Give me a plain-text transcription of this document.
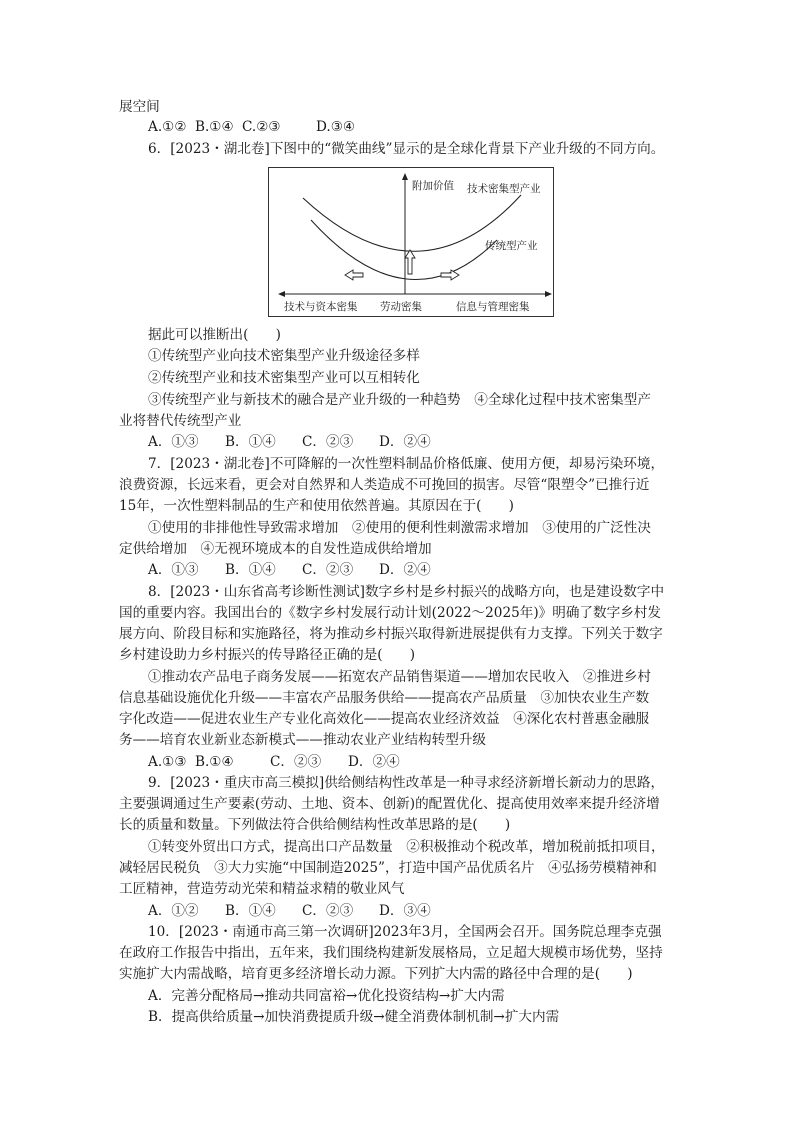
展空间
A.①② B.①④ C.②③	D.③④
6．[2023・湖北卷]下图中的“微笑曲线”显示的是全球化背景下产业升级的不同方向。
附加价值 技术密集型产业
传统型产业
技术与资本密集 劳动密集	信息与管理密集
据此可以推断出(　　)
①传统型产业向技术密集型产业升级途径多样
②传统型产业和技术密集型产业可以互相转化
③传统型产业与新技术的融合是产业升级的一种趋势　④全球化过程中技术密集型产
业将替代传统型产业
A．①③ B．①④ C．②③ D．②④
7．[2023・湖北卷]不可降解的一次性塑料制品价格低廉、使用方便，却易污染环境，
浪费资源，长远来看，更会对自然界和人类造成不可挽回的损害。尽管“限塑令”已推行近
15年，一次性塑料制品的生产和使用依然普遍。其原因在于(　　)
①使用的非排他性导致需求增加　②使用的便利性刺激需求增加　③使用的广泛性决
定供给增加　④无视环境成本的自发性造成供给增加
A．①③ B．①④ C．②③ D．②④
8．[2023・山东省高考诊断性测试]数字乡村是乡村振兴的战略方向，也是建设数字中
国的重要内容。我国出台的《数字乡村发展行动计划(2022～2025年)》明确了数字乡村发
展方向、阶段目标和实施路径，将为推动乡村振兴取得新进展提供有力支撑。下列关于数字
乡村建设助力乡村振兴的传导路径正确的是(　　)
①推动农产品电子商务发展——拓宽农产品销售渠道——增加农民收入　②推进乡村
信息基础设施优化升级——丰富农产品服务供给——提高农产品质量　③加快农业生产数
字化改造——促进农业生产专业化高效化——提高农业经济效益　④深化农村普惠金融服
务——培育农业新业态新模式——推动农业产业结构转型升级
A.①③ B.①④	C．②③ D．②④
9．[2023・重庆市高三模拟]供给侧结构性改革是一种寻求经济新增长新动力的思路，
主要强调通过生产要素(劳动、土地、资本、创新)的配置优化、提高使用效率来提升经济增
长的质量和数量。下列做法符合供给侧结构性改革思路的是(　　)
①转变外贸出口方式，提高出口产品数量　②积极推动个税改革，增加税前抵扣项目，
减轻居民税负　③大力实施“中国制造2025”，打造中国产品优质名片　④弘扬劳模精神和
工匠精神，营造劳动光荣和精益求精的敬业风气
A．①② B．①④ C．②③ D．③④
10．[2023・南通市高三第一次调研]2023年3月，全国两会召开。国务院总理李克强
在政府工作报告中指出，五年来，我们围绕构建新发展格局，立足超大规模市场优势，坚持
实施扩大内需战略，培育更多经济增长动力源。下列扩大内需的路径中合理的是(　　)
A．完善分配格局→推动共同富裕→优化投资结构→扩大内需
B．提高供给质量→加快消费提质升级→健全消费体制机制→扩大内需
